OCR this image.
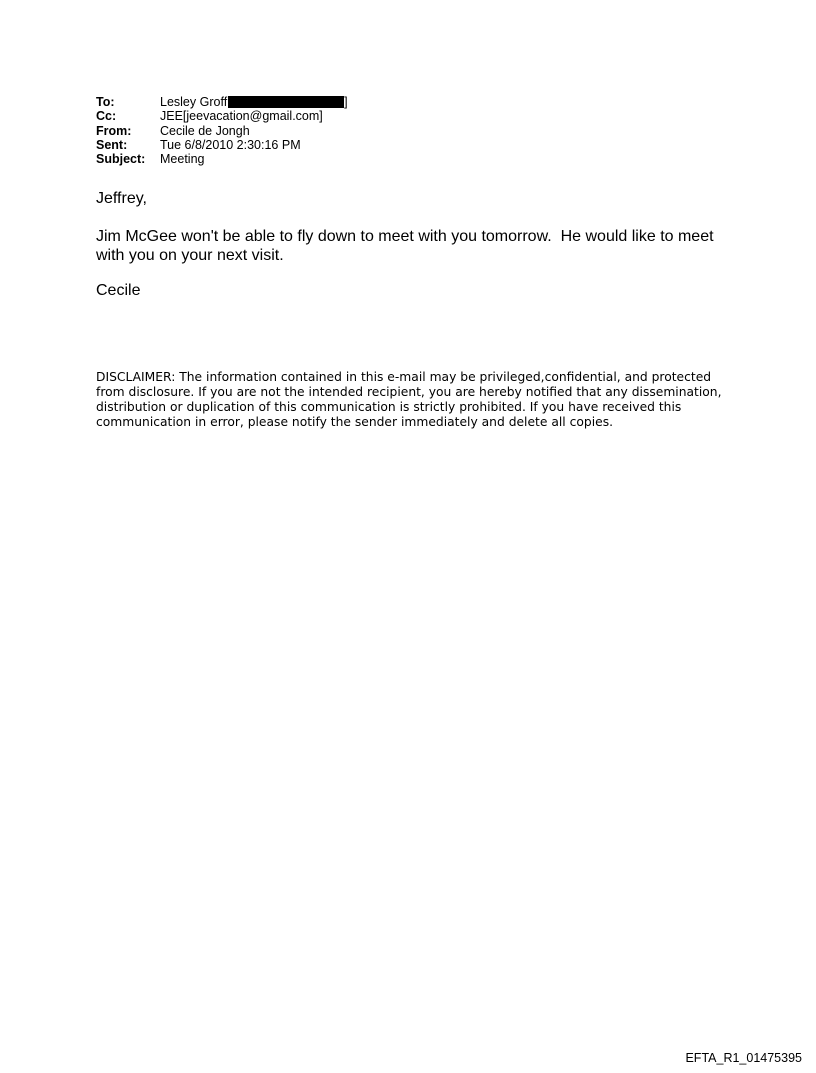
To:	Lesley Groff	]
Cc:	JEE[jeevacation@gmail.com]
From:	Cecile de Jongh
Sent:	Tue 6/8/2010 2:30:16 PM
Subject:	Meeting

Jeffrey,

Jim McGee won't be able to fly down to meet with you tomorrow.  He would like to meet with you on your next visit.

Cecile

DISCLAIMER: The information contained in this e-mail may be privileged,confidential, and protected from disclosure. If you are not the intended recipient, you are hereby notified that any dissemination, distribution or duplication of this communication is strictly prohibited. If you have received this communication in error, please notify the sender immediately and delete all copies.

EFTA_R1_01475395
